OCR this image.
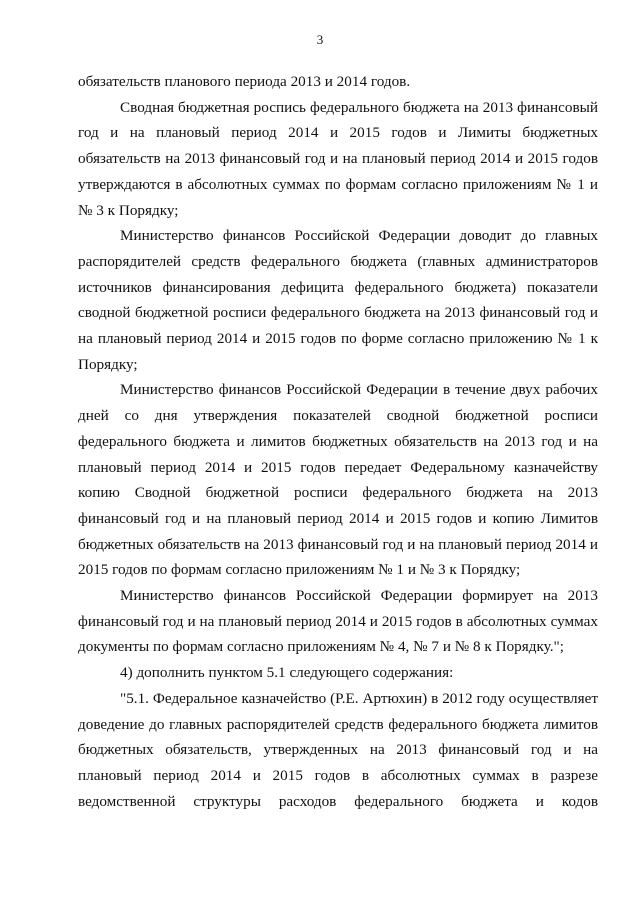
3

обязательств планового периода 2013 и 2014 годов.

Сводная бюджетная роспись федерального бюджета на 2013 финансовый год и на плановый период 2014 и 2015 годов и Лимиты бюджетных обязательств на 2013 финансовый год и на плановый период 2014 и 2015 годов утверждаются в абсолютных суммах по формам согласно приложениям № 1 и № 3 к Порядку;

Министерство финансов Российской Федерации доводит до главных распорядителей средств федерального бюджета (главных администраторов источников финансирования дефицита федерального бюджета) показатели сводной бюджетной росписи федерального бюджета на 2013 финансовый год и на плановый период 2014 и 2015 годов по форме согласно приложению № 1 к Порядку;

Министерство финансов Российской Федерации в течение двух рабочих дней со дня утверждения показателей сводной бюджетной росписи федерального бюджета и лимитов бюджетных обязательств на 2013 год и на плановый период 2014 и 2015 годов передает Федеральному казначейству копию Сводной бюджетной росписи федерального бюджета на 2013 финансовый год и на плановый период 2014 и 2015 годов и копию Лимитов бюджетных обязательств на 2013 финансовый год и на плановый период 2014 и 2015 годов по формам согласно приложениям № 1 и № 3 к Порядку;

Министерство финансов Российской Федерации формирует на 2013 финансовый год и на плановый период 2014 и 2015 годов в абсолютных суммах документы по формам согласно приложениям № 4, № 7 и № 8 к Порядку.";

4) дополнить пунктом 5.1 следующего содержания:

"5.1. Федеральное казначейство (Р.Е. Артюхин) в 2012 году осуществляет доведение до главных распорядителей средств федерального бюджета лимитов бюджетных обязательств, утвержденных на 2013 финансовый год и на плановый период 2014 и 2015 годов в абсолютных суммах в разрезе ведомственной структуры расходов федерального бюджета и кодов
